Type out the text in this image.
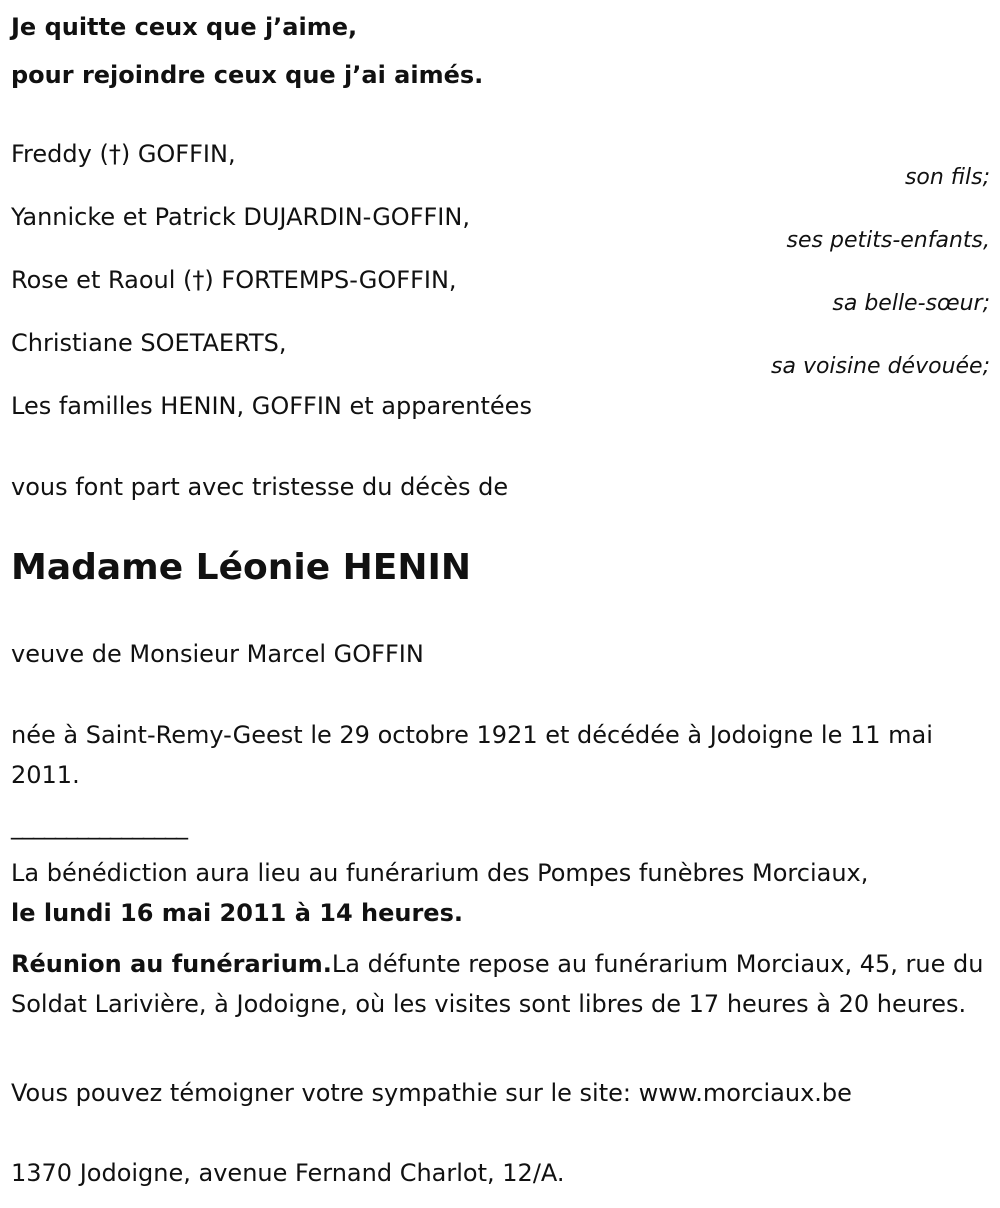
Je quitte ceux que j’aime,
pour rejoindre ceux que j’ai aimés.
Freddy (†) GOFFIN,
son fils;
Yannicke et Patrick DUJARDIN-GOFFIN,
ses petits-enfants,
Rose et Raoul (†) FORTEMPS-GOFFIN,
sa belle-sœur;
Christiane SOETAERTS,
sa voisine dévouée;
Les familles HENIN, GOFFIN et apparentées
vous font part avec tristesse du décès de
Madame Léonie HENIN
veuve de Monsieur Marcel GOFFIN
née à Saint-Remy-Geest le 29 octobre 1921 et décédée à Jodoigne le 11 mai 2011.
________________
La bénédiction aura lieu au funérarium des Pompes funèbres Morciaux,
le lundi 16 mai 2011 à 14 heures.
Réunion au funérarium.La défunte repose au funérarium Morciaux, 45, rue du Soldat Larivière, à Jodoigne, où les visites sont libres de 17 heures à 20 heures.
Vous pouvez témoigner votre sympathie sur le site: www.morciaux.be
1370 Jodoigne, avenue Fernand Charlot, 12/A.
